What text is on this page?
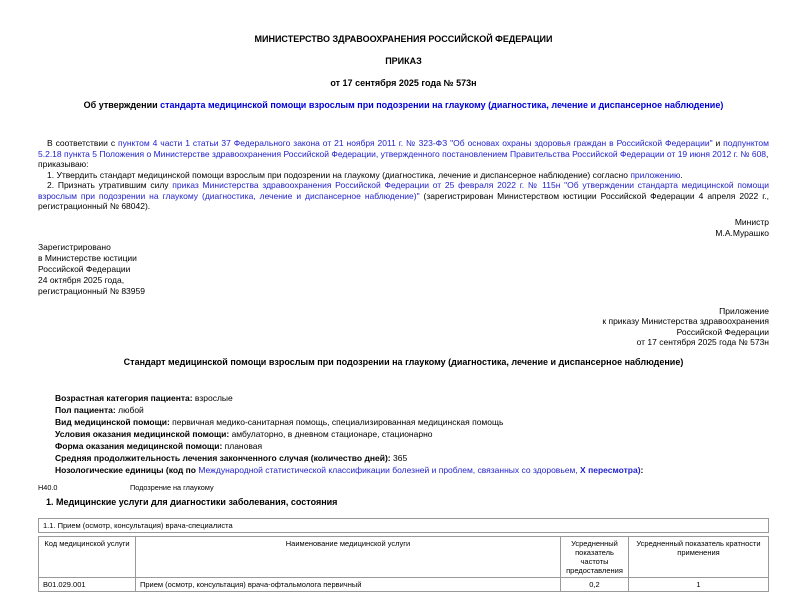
МИНИСТЕРСТВО ЗДРАВООХРАНЕНИЯ РОССИЙСКОЙ ФЕДЕРАЦИИ
ПРИКАЗ
от 17 сентября 2025 года № 573н
Об утверждении стандарта медицинской помощи взрослым при подозрении на глаукому (диагностика, лечение и диспансерное наблюдение)

В соответствии с пунктом 4 части 1 статьи 37 Федерального закона от 21 ноября 2011 г. № 323-ФЗ "Об основах охраны здоровья граждан в Российской Федерации" и подпунктом 5.2.18 пункта 5 Положения о Министерстве здравоохранения Российской Федерации, утвержденного постановлением Правительства Российской Федерации от 19 июня 2012 г. № 608,

приказываю:

1. Утвердить стандарт медицинской помощи взрослым при подозрении на глаукому (диагностика, лечение и диспансерное наблюдение) согласно приложению.

2. Признать утратившим силу приказ Министерства здравоохранения Российской Федерации от 25 февраля 2022 г. № 115н "Об утверждении стандарта медицинской помощи взрослым при подозрении на глаукому (диагностика, лечение и диспансерное наблюдение)" (зарегистрирован Министерством юстиции Российской Федерации 4 апреля 2022 г., регистрационный № 68042).

Министр
М.А.Мурашко
Зарегистрировано
в Министерстве юстиции
Российской Федерации
24 октября 2025 года,
регистрационный № 83959
Приложение
к приказу Министерства здравоохранения
Российской Федерации
от 17 сентября 2025 года № 573н
Стандарт медицинской помощи взрослым при подозрении на глаукому (диагностика, лечение и диспансерное наблюдение)
Возрастная категория пациента: взрослые
Пол пациента: любой
Вид медицинской помощи: первичная медико-санитарная помощь, специализированная медицинская помощь
Условия оказания медицинской помощи: амбулаторно, в дневном стационаре, стационарно
Форма оказания медицинской помощи: плановая
Средняя продолжительность лечения законченного случая (количество дней): 365
Нозологические единицы (код по Международной статистической классификации болезней и проблем, связанных со здоровьем, X пересмотра):
H40.0	Подозрение на глаукому
1. Медицинские услуги для диагностики заболевания, состояния
1.1. Прием (осмотр, консультация) врача-специалиста
Код медицинской услуги	Наименование медицинской услуги	Усредненный показатель частоты предоставления	Усредненный показатель кратности применения
B01.029.001	Прием (осмотр, консультация) врача-офтальмолога первичный	0,2	1
